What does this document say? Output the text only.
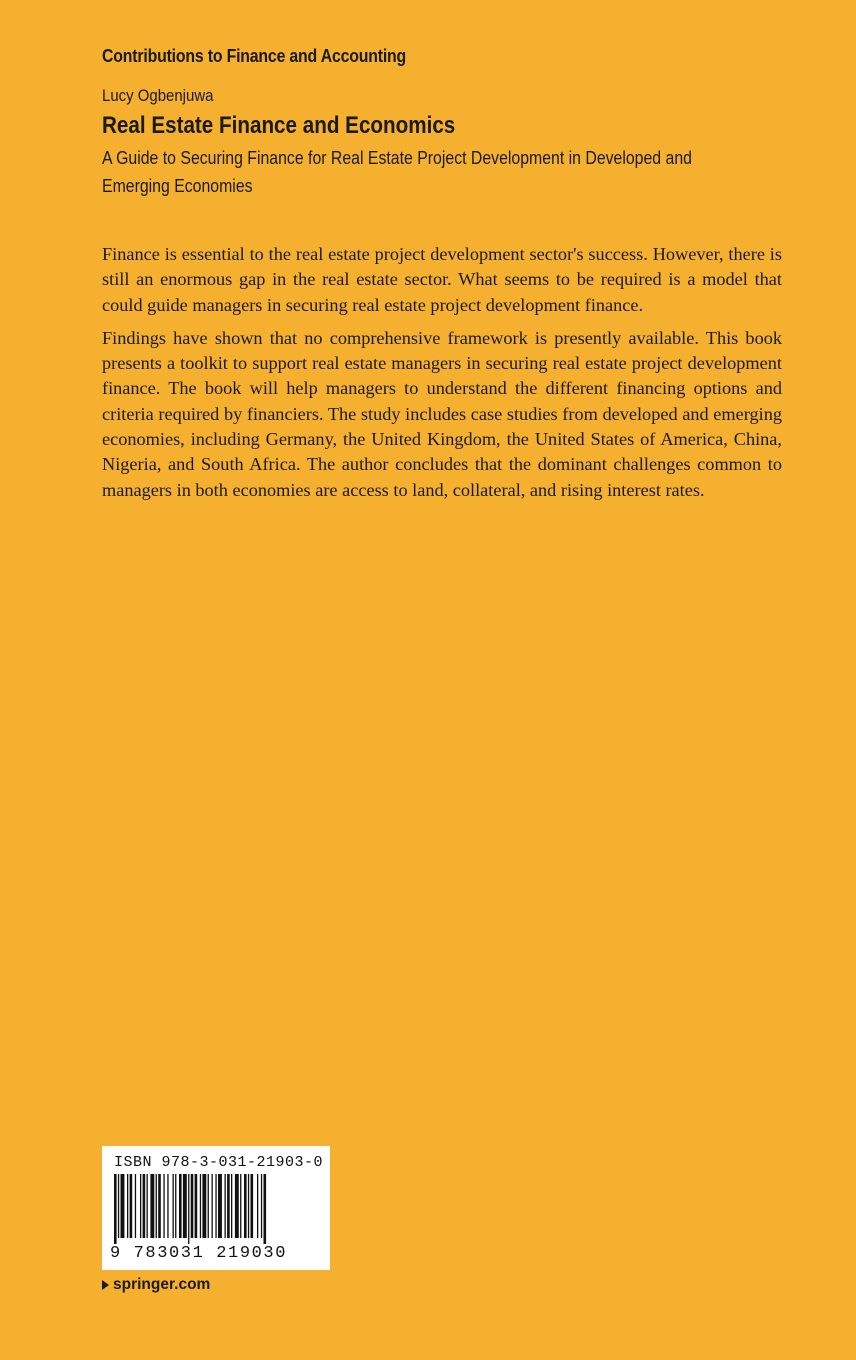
Contributions to Finance and Accounting
Lucy Ogbenjuwa
Real Estate Finance and Economics
A Guide to Securing Finance for Real Estate Project Development in Developed and Emerging Economies

Finance is essential to the real estate project development sector's success. However, there is still an enormous gap in the real estate sector. What seems to be required is a model that could guide managers in securing real estate project development finance.

Findings have shown that no comprehensive framework is presently available. This book presents a toolkit to support real estate managers in securing real estate project development finance. The book will help managers to understand the different financing options and criteria required by financiers. The study includes case studies from developed and emerging economies, including Germany, the United Kingdom, the United States of America, China, Nigeria, and South Africa. The author concludes that the dominant challenges common to managers in both economies are access to land, collateral, and rising interest rates.

ISBN 978-3-031-21903-0
9 783031 219030
springer.com
